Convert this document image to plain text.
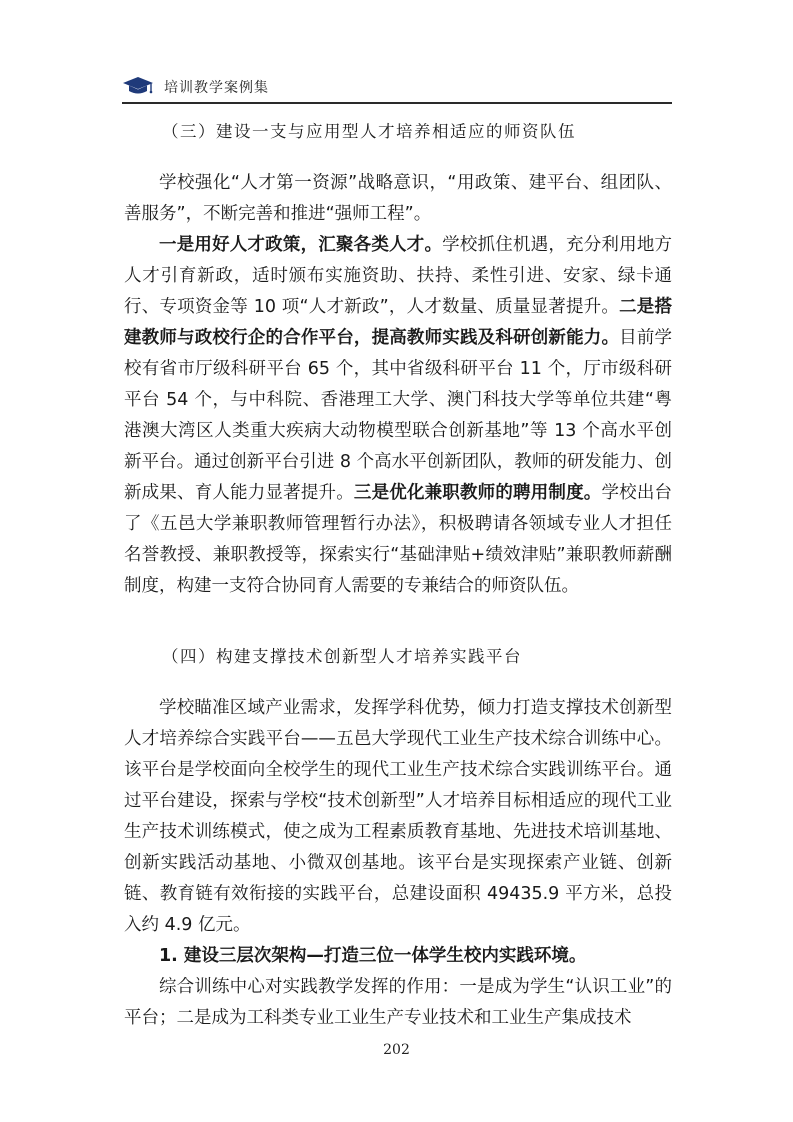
培训教学案例集
（三）建设一支与应用型人才培养相适应的师资队伍

学校强化“人才第一资源”战略意识，“用政策、建平台、组团队、善服务”，不断完善和推进“强师工程”。

一是用好人才政策，汇聚各类人才。学校抓住机遇，充分利用地方人才引育新政，适时颁布实施资助、扶持、柔性引进、安家、绿卡通行、专项资金等 10 项“人才新政”，人才数量、质量显著提升。二是搭建教师与政校行企的合作平台，提高教师实践及科研创新能力。目前学校有省市厅级科研平台 65 个，其中省级科研平台 11 个，厅市级科研平台 54 个，与中科院、香港理工大学、澳门科技大学等单位共建“粤港澳大湾区人类重大疾病大动物模型联合创新基地”等 13 个高水平创新平台。通过创新平台引进 8 个高水平创新团队，教师的研发能力、创新成果、育人能力显著提升。三是优化兼职教师的聘用制度。学校出台了《五邑大学兼职教师管理暂行办法》，积极聘请各领域专业人才担任名誉教授、兼职教授等，探索实行“基础津贴+绩效津贴”兼职教师薪酬制度，构建一支符合协同育人需要的专兼结合的师资队伍。

（四）构建支撑技术创新型人才培养实践平台

学校瞄准区域产业需求，发挥学科优势，倾力打造支撑技术创新型人才培养综合实践平台——五邑大学现代工业生产技术综合训练中心。该平台是学校面向全校学生的现代工业生产技术综合实践训练平台。通过平台建设，探索与学校“技术创新型”人才培养目标相适应的现代工业生产技术训练模式，使之成为工程素质教育基地、先进技术培训基地、创新实践活动基地、小微双创基地。该平台是实现探索产业链、创新链、教育链有效衔接的实践平台，总建设面积 49435.9 平方米，总投入约 4.9 亿元。

1. 建设三层次架构—打造三位一体学生校内实践环境。

综合训练中心对实践教学发挥的作用：一是成为学生“认识工业”的平台；二是成为工科类专业工业生产专业技术和工业生产集成技术

202
